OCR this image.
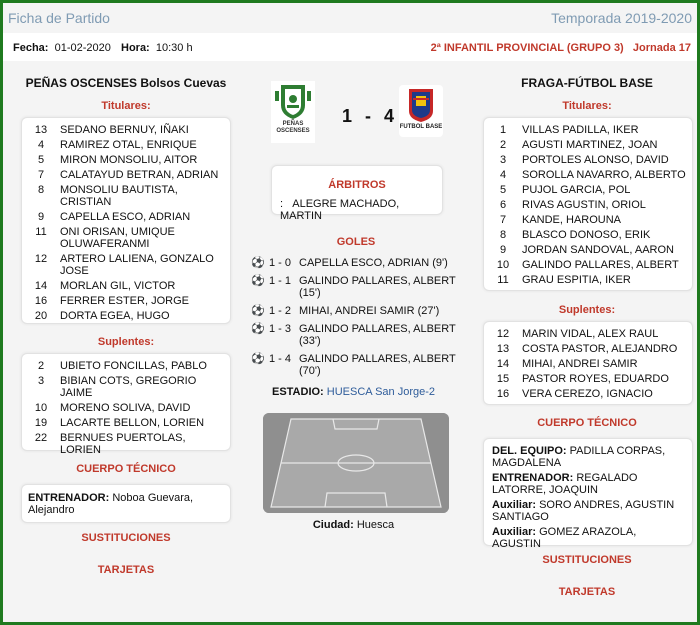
Ficha de Partido	Temporada 2019-2020
Fecha: 01-02-2020 Hora: 10:30 h	2ª INFANTIL PROVINCIAL (GRUPO 3) Jornada 17
PEÑAS OSCENSES Bolsos Cuevas
Titulares:
13	SEDANO BERNUY, IÑAKI
4	RAMIREZ OTAL, ENRIQUE
5	MIRON MONSOLIU, AITOR
7	CALATAYUD BETRAN, ADRIAN
8	MONSOLIU BAUTISTA, CRISTIAN
9	CAPELLA ESCO, ADRIAN
11	ONI ORISAN, UMIQUE OLUWAFERANMI
12	ARTERO LALIENA, GONZALO JOSE
14	MORLAN GIL, VICTOR
16	FERRER ESTER, JORGE
20	DORTA EGEA, HUGO
Suplentes:
2	UBIETO FONCILLAS, PABLO
3	BIBIAN COTS, GREGORIO JAIME
10	MORENO SOLIVA, DAVID
19	LACARTE BELLON, LORIEN
22	BERNUES PUERTOLAS, LORIEN
CUERPO TÉCNICO
ENTRENADOR: Noboa Guevara, Alejandro
SUSTITUCIONES
TARJETAS
PEÑAS OSCENSES
1 - 4
FUTBOL BASE
ÁRBITROS
: ALEGRE MACHADO, MARTIN
GOLES
⚽ 1 - 0 CAPELLA ESCO, ADRIAN (9')
⚽ 1 - 1 GALINDO PALLARES, ALBERT (15')
⚽ 1 - 2 MIHAI, ANDREI SAMIR (27')
⚽ 1 - 3 GALINDO PALLARES, ALBERT (33')
⚽ 1 - 4 GALINDO PALLARES, ALBERT (70')
ESTADIO: HUESCA San Jorge-2
Ciudad: Huesca
FRAGA-FÚTBOL BASE
Titulares:
1	VILLAS PADILLA, IKER
2	AGUSTI MARTINEZ, JOAN
3	PORTOLES ALONSO, DAVID
4	SOROLLA NAVARRO, ALBERTO
5	PUJOL GARCIA, POL
6	RIVAS AGUSTIN, ORIOL
7	KANDE, HAROUNA
8	BLASCO DONOSO, ERIK
9	JORDAN SANDOVAL, AARON
10	GALINDO PALLARES, ALBERT
11	GRAU ESPITIA, IKER
Suplentes:
12	MARIN VIDAL, ALEX RAUL
13	COSTA PASTOR, ALEJANDRO
14	MIHAI, ANDREI SAMIR
15	PASTOR ROYES, EDUARDO
16	VERA CEREZO, IGNACIO
CUERPO TÉCNICO
DEL. EQUIPO: PADILLA CORPAS, MAGDALENA
ENTRENADOR: REGALADO LATORRE, JOAQUIN
Auxiliar: SORO ANDRES, AGUSTIN SANTIAGO
Auxiliar: GOMEZ ARAZOLA, AGUSTIN
SUSTITUCIONES
TARJETAS
